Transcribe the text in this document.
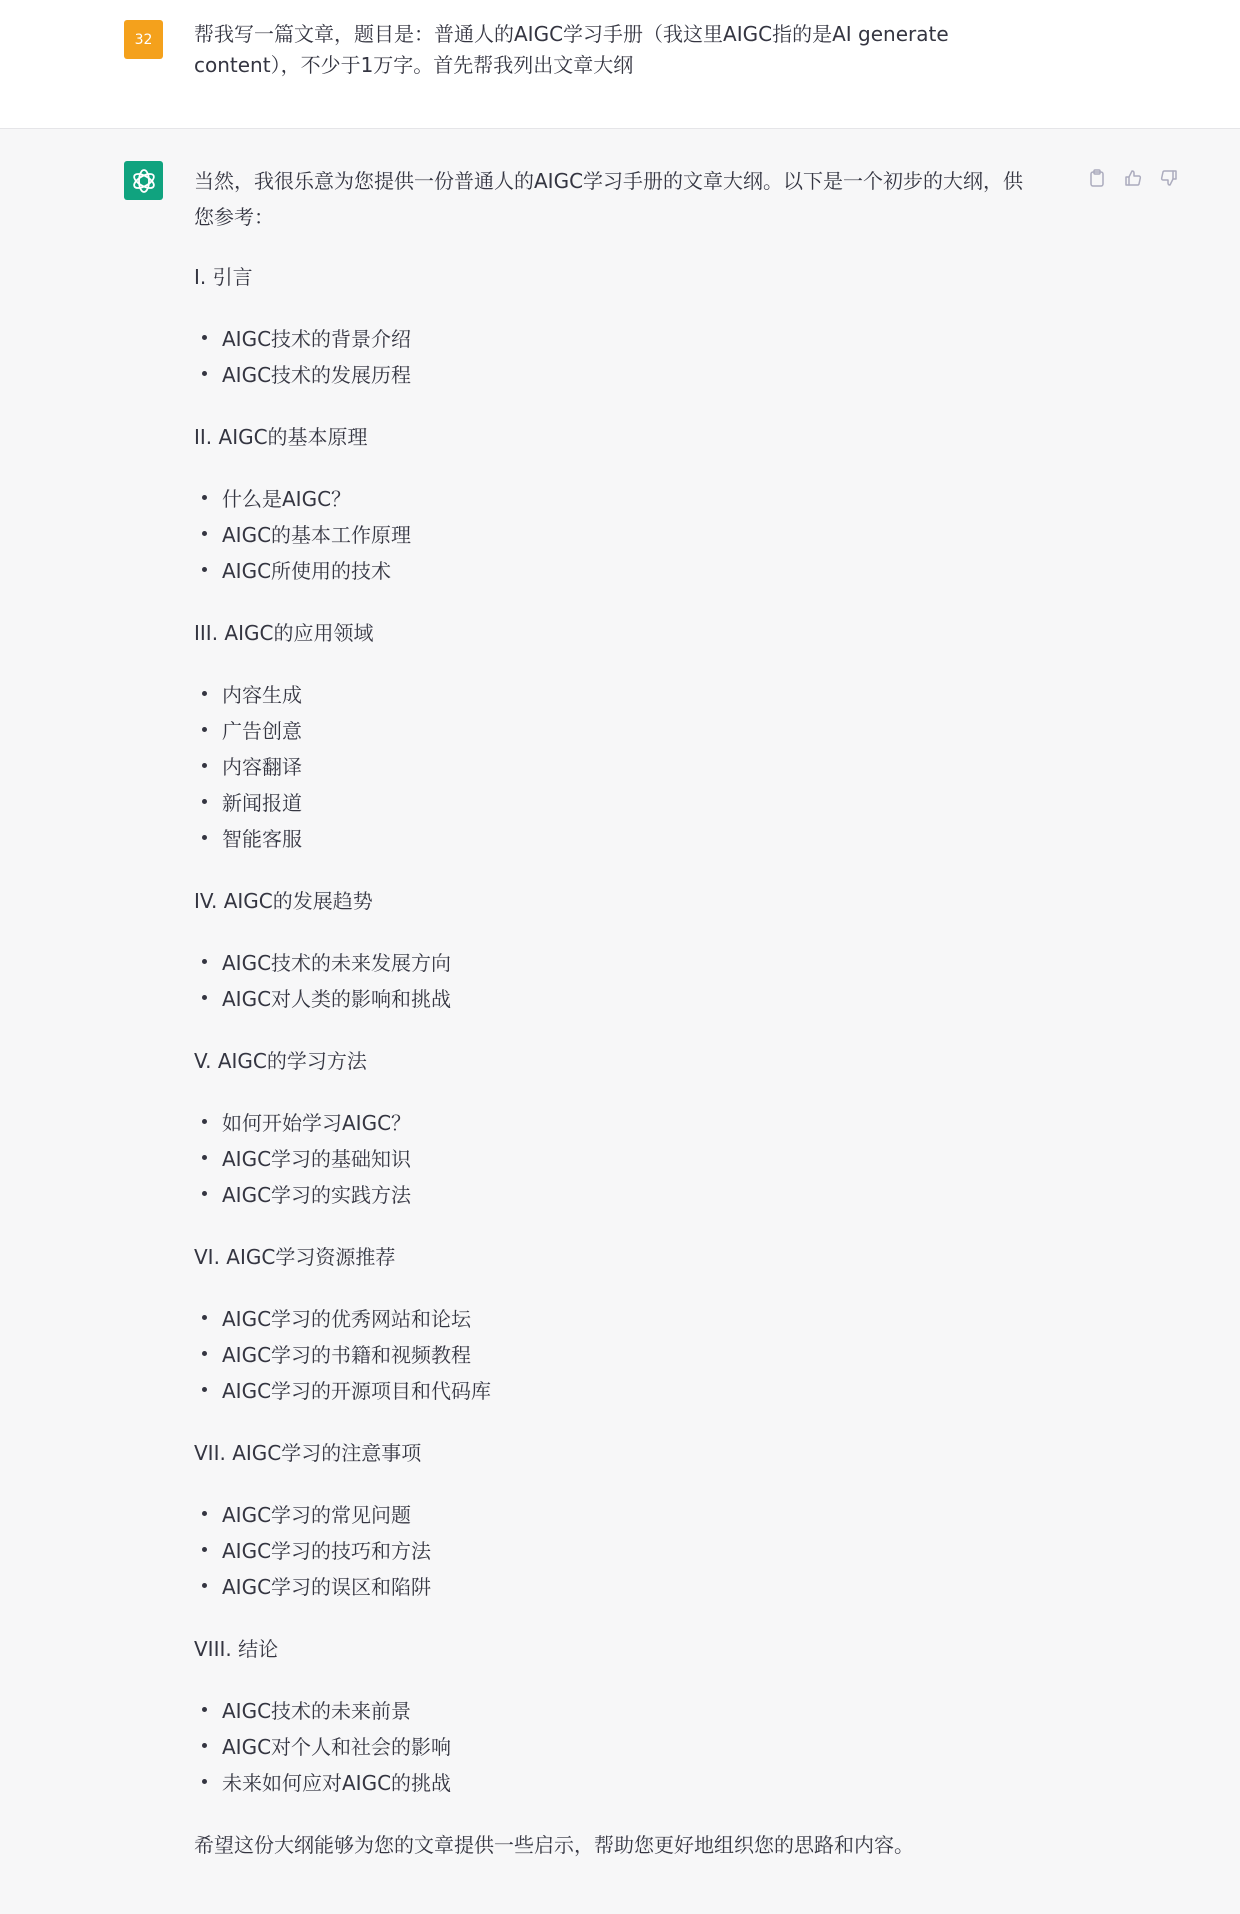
32 帮我写一篇文章，题目是：普通人的AIGC学习手册（我这里AIGC指的是AI generate content），不少于1万字。首先帮我列出文章大纲

当然，我很乐意为您提供一份普通人的AIGC学习手册的文章大纲。以下是一个初步的大纲，供您参考：

I. 引言

AIGC技术的背景介绍
AIGC技术的发展历程

II. AIGC的基本原理

什么是AIGC？
AIGC的基本工作原理
AIGC所使用的技术

III. AIGC的应用领域

内容生成
广告创意
内容翻译
新闻报道
智能客服

IV. AIGC的发展趋势

AIGC技术的未来发展方向
AIGC对人类的影响和挑战

V. AIGC的学习方法

如何开始学习AIGC？
AIGC学习的基础知识
AIGC学习的实践方法

VI. AIGC学习资源推荐

AIGC学习的优秀网站和论坛
AIGC学习的书籍和视频教程
AIGC学习的开源项目和代码库

VII. AIGC学习的注意事项

AIGC学习的常见问题
AIGC学习的技巧和方法
AIGC学习的误区和陷阱

VIII. 结论

AIGC技术的未来前景
AIGC对个人和社会的影响
未来如何应对AIGC的挑战

希望这份大纲能够为您的文章提供一些启示，帮助您更好地组织您的思路和内容。
